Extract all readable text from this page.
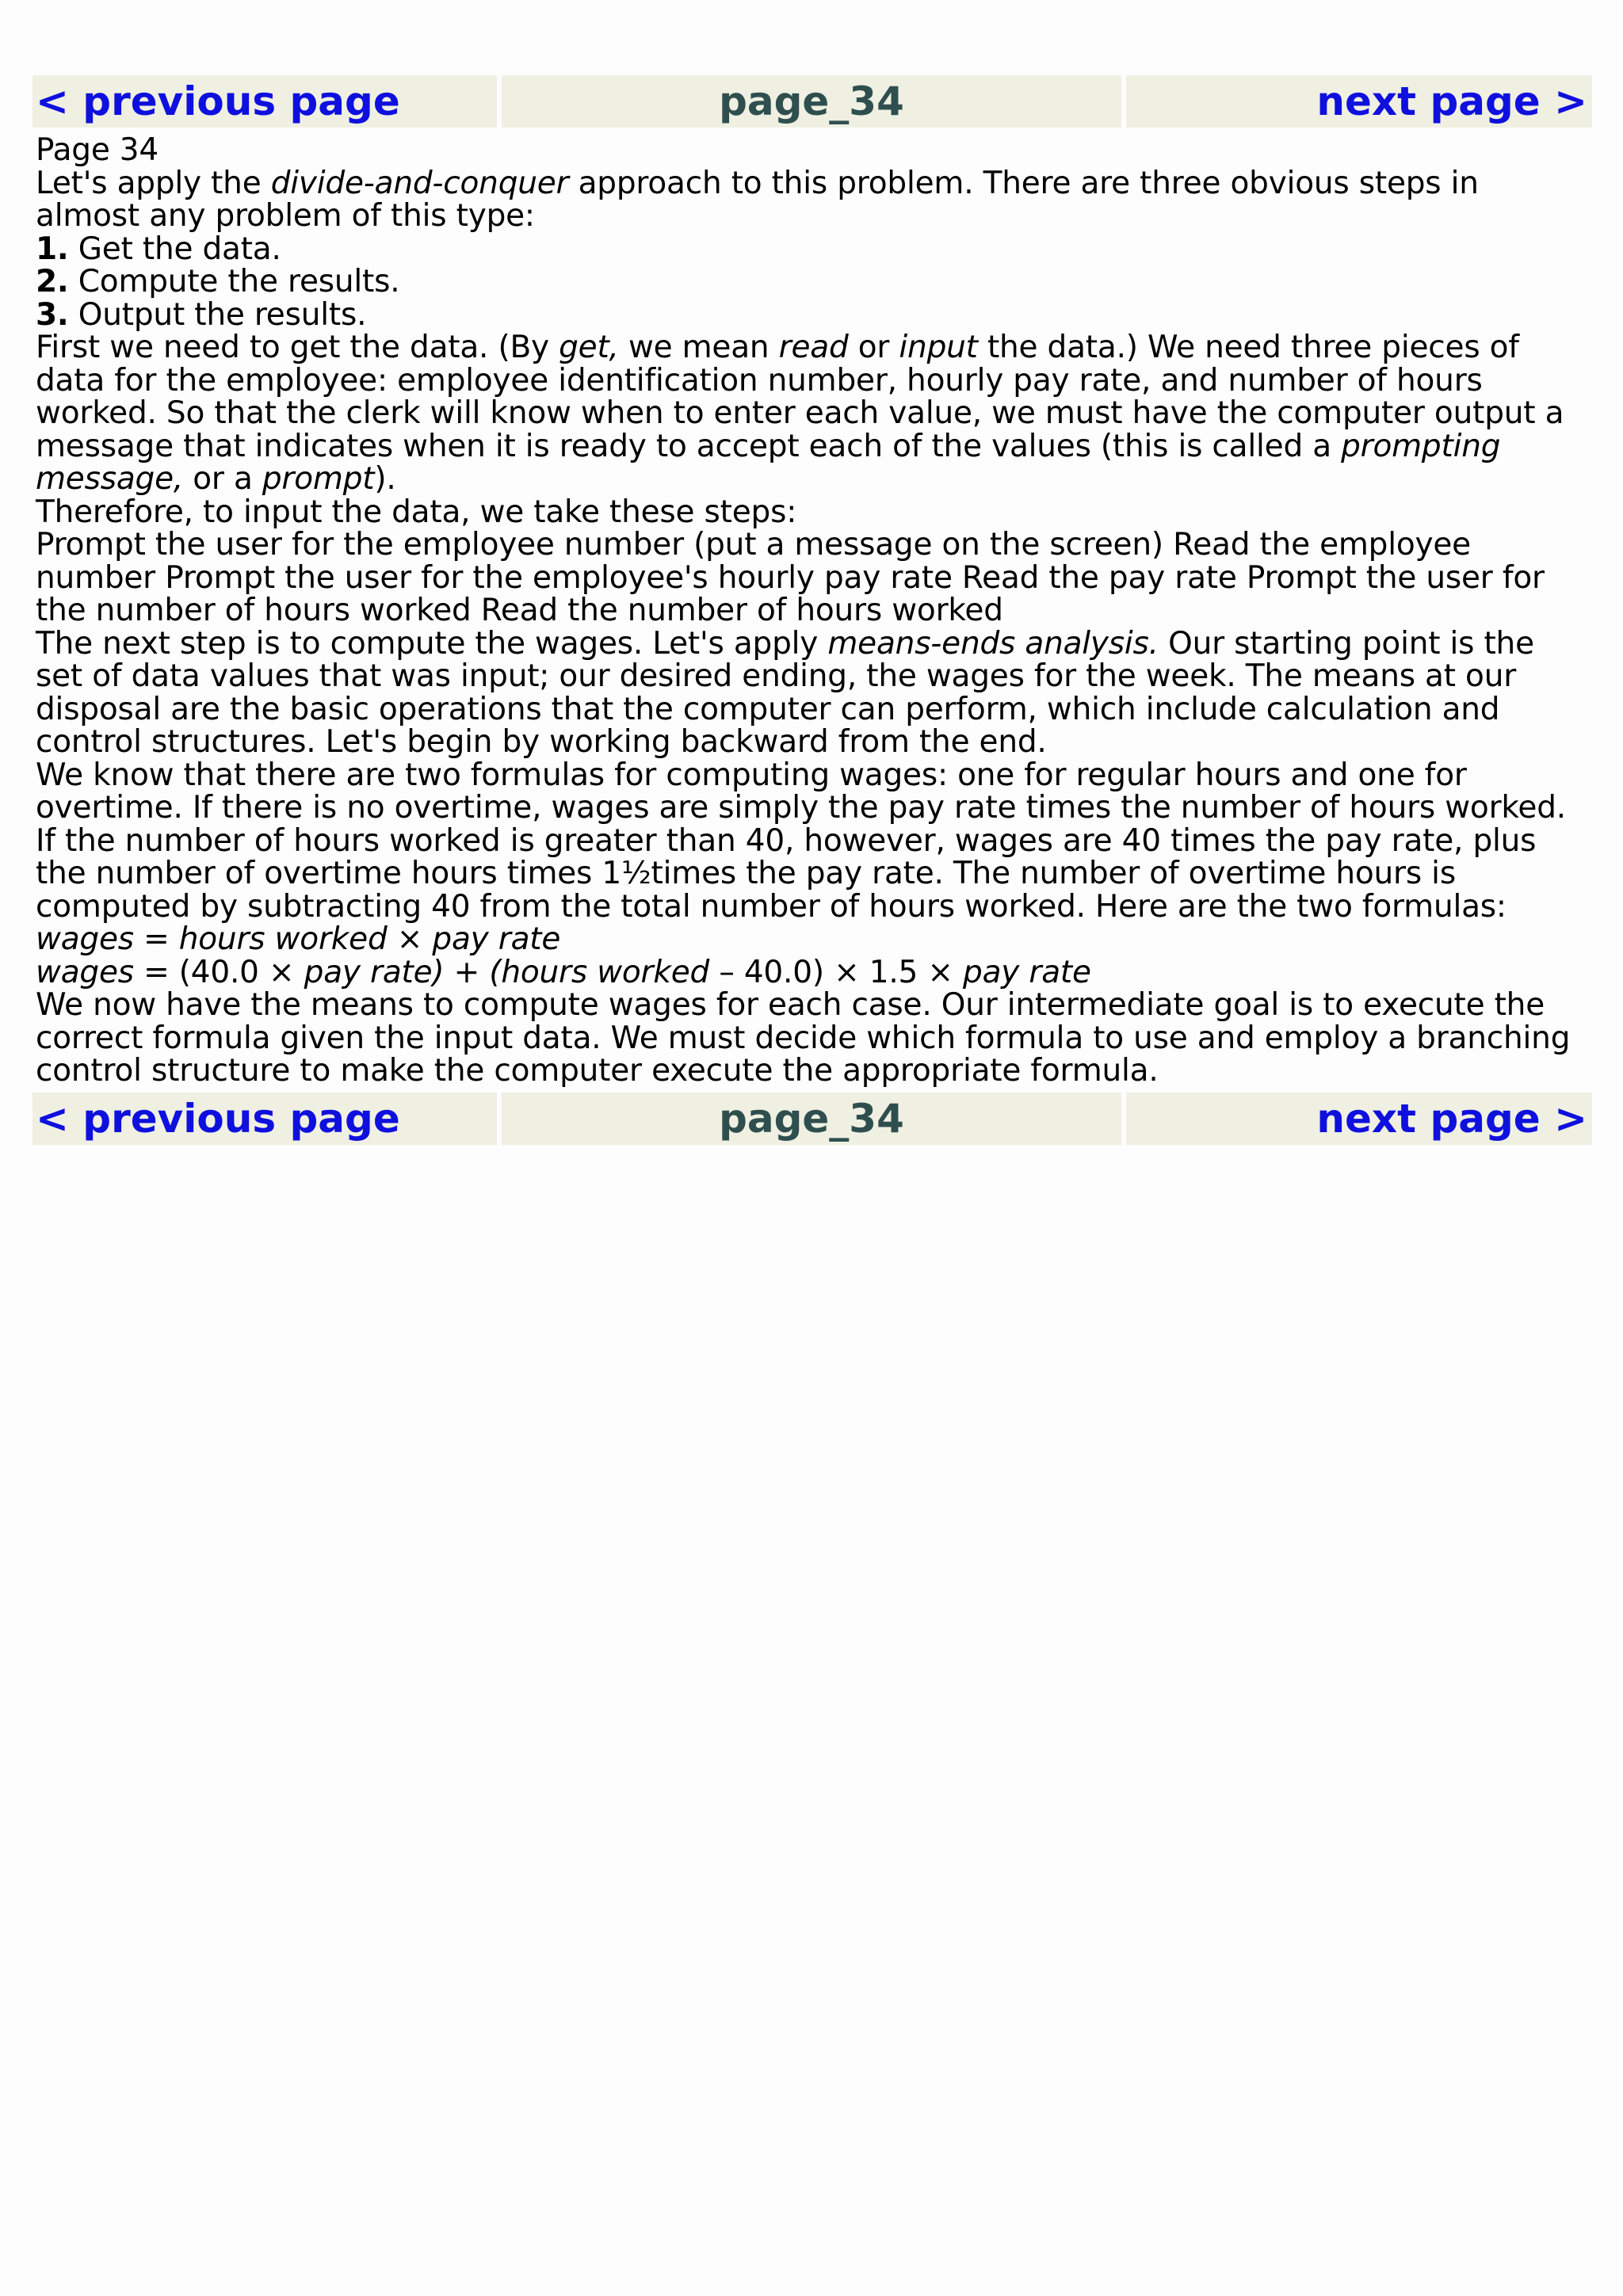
< previous page	page_34	next page >

Page 34

Let's apply the divide-and-conquer approach to this problem. There are three obvious steps in almost any problem of this type:

1. Get the data.

2. Compute the results.

3. Output the results.

First we need to get the data. (By get, we mean read or input the data.) We need three pieces of data for the employee: employee identification number, hourly pay rate, and number of hours worked. So that the clerk will know when to enter each value, we must have the computer output a message that indicates when it is ready to accept each of the values (this is called a prompting message, or a prompt).

Therefore, to input the data, we take these steps:

Prompt the user for the employee number (put a message on the screen) Read the employee number Prompt the user for the employee's hourly pay rate Read the pay rate Prompt the user for the number of hours worked Read the number of hours worked

The next step is to compute the wages. Let's apply means-ends analysis. Our starting point is the set of data values that was input; our desired ending, the wages for the week. The means at our disposal are the basic operations that the computer can perform, which include calculation and control structures. Let's begin by working backward from the end.

We know that there are two formulas for computing wages: one for regular hours and one for overtime. If there is no overtime, wages are simply the pay rate times the number of hours worked. If the number of hours worked is greater than 40, however, wages are 40 times the pay rate, plus the number of overtime hours times 1½times the pay rate. The number of overtime hours is computed by subtracting 40 from the total number of hours worked. Here are the two formulas:

wages = hours worked × pay rate

wages = (40.0 × pay rate) + (hours worked – 40.0) × 1.5 × pay rate

We now have the means to compute wages for each case. Our intermediate goal is to execute the correct formula given the input data. We must decide which formula to use and employ a branching control structure to make the computer execute the appropriate formula.

< previous page	page_34	next page >
